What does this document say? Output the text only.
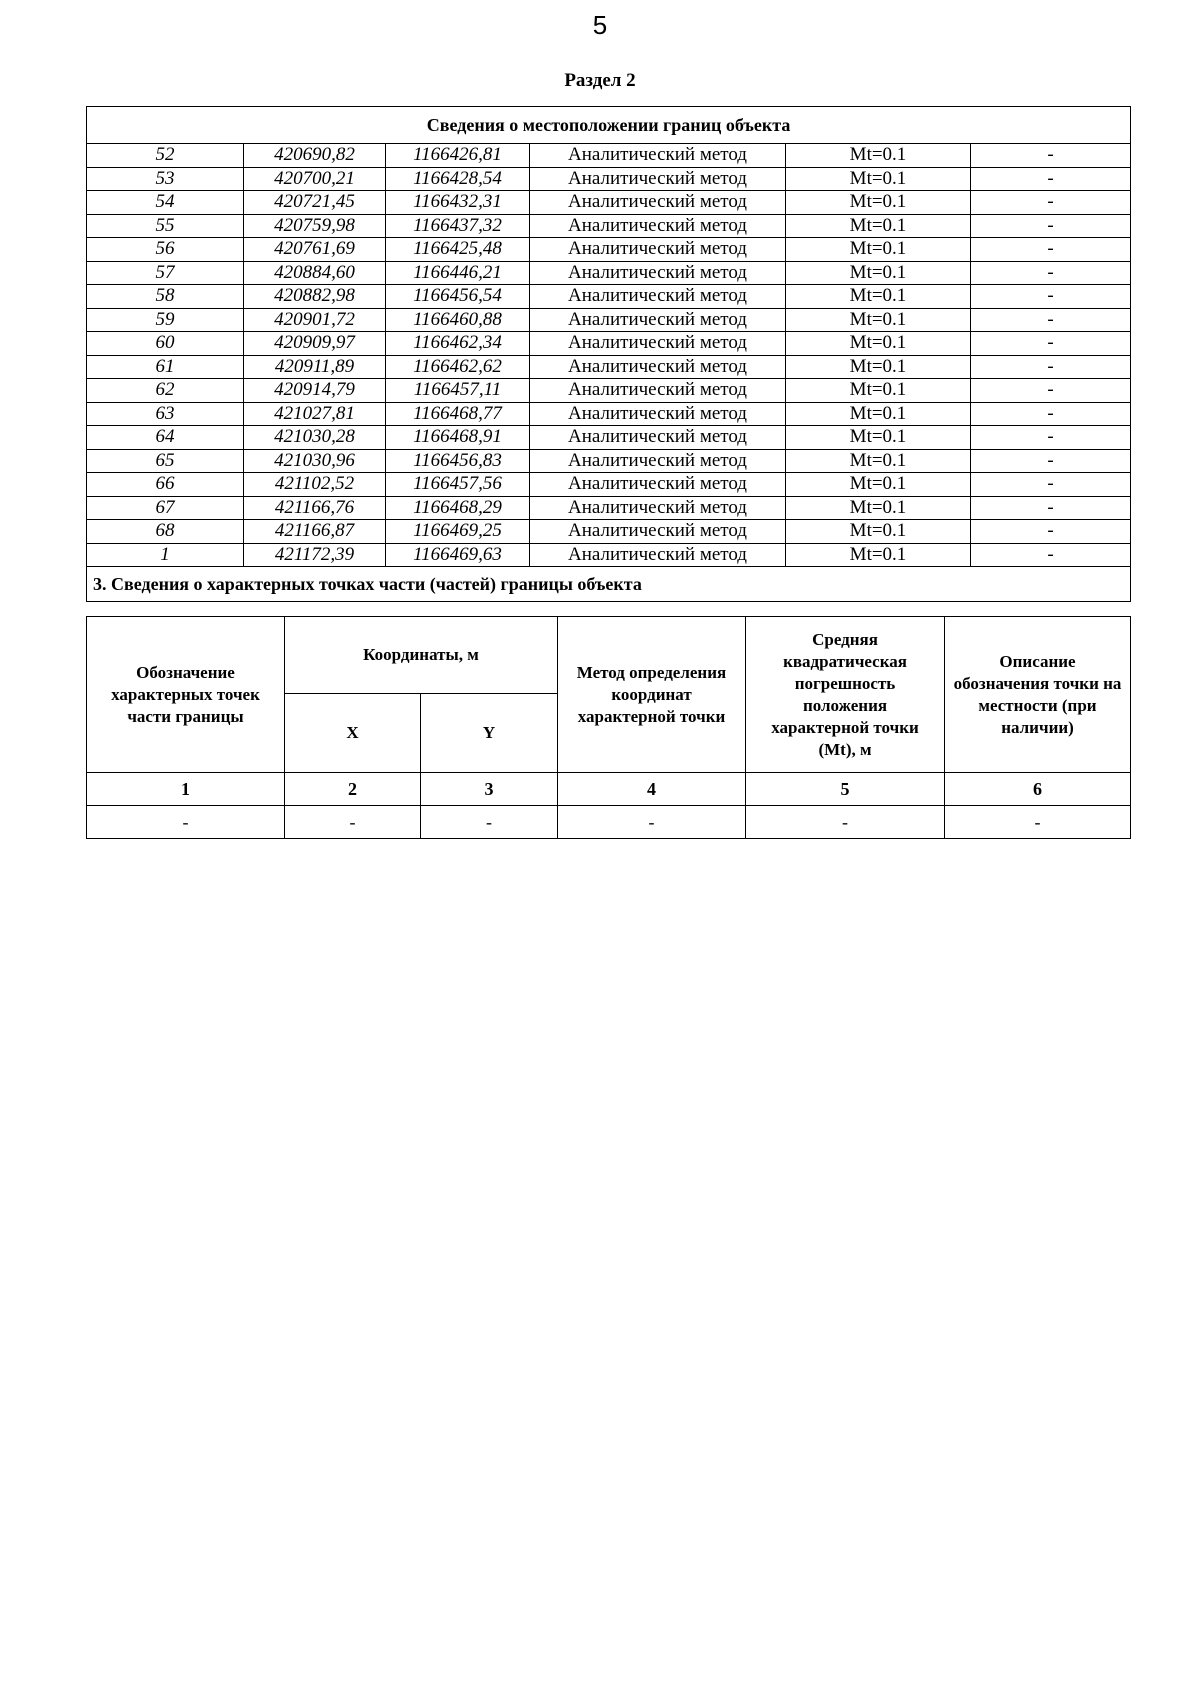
5
Раздел 2
Сведения о местоположении границ объекта					
52	420690,82	1166426,81	Аналитический метод	Mt=0.1	-
53	420700,21	1166428,54	Аналитический метод	Mt=0.1	-
54	420721,45	1166432,31	Аналитический метод	Mt=0.1	-
55	420759,98	1166437,32	Аналитический метод	Mt=0.1	-
56	420761,69	1166425,48	Аналитический метод	Mt=0.1	-
57	420884,60	1166446,21	Аналитический метод	Mt=0.1	-
58	420882,98	1166456,54	Аналитический метод	Mt=0.1	-
59	420901,72	1166460,88	Аналитический метод	Mt=0.1	-
60	420909,97	1166462,34	Аналитический метод	Mt=0.1	-
61	420911,89	1166462,62	Аналитический метод	Mt=0.1	-
62	420914,79	1166457,11	Аналитический метод	Mt=0.1	-
63	421027,81	1166468,77	Аналитический метод	Mt=0.1	-
64	421030,28	1166468,91	Аналитический метод	Mt=0.1	-
65	421030,96	1166456,83	Аналитический метод	Mt=0.1	-
66	421102,52	1166457,56	Аналитический метод	Mt=0.1	-
67	421166,76	1166468,29	Аналитический метод	Mt=0.1	-
68	421166,87	1166469,25	Аналитический метод	Mt=0.1	-
1	421172,39	1166469,63	Аналитический метод	Mt=0.1	-
3. Сведения о характерных точках части (частей) границы объекта					
Обозначение характерных точек части границы	Координаты, м		Метод определения координат характерной точки	Средняя квадратическая погрешность положения характерной точки (Mt), м	Описание обозначения точки на местности (при наличии)
	X	Y			
1	2	3	4	5	6
-	-	-	-	-	-
